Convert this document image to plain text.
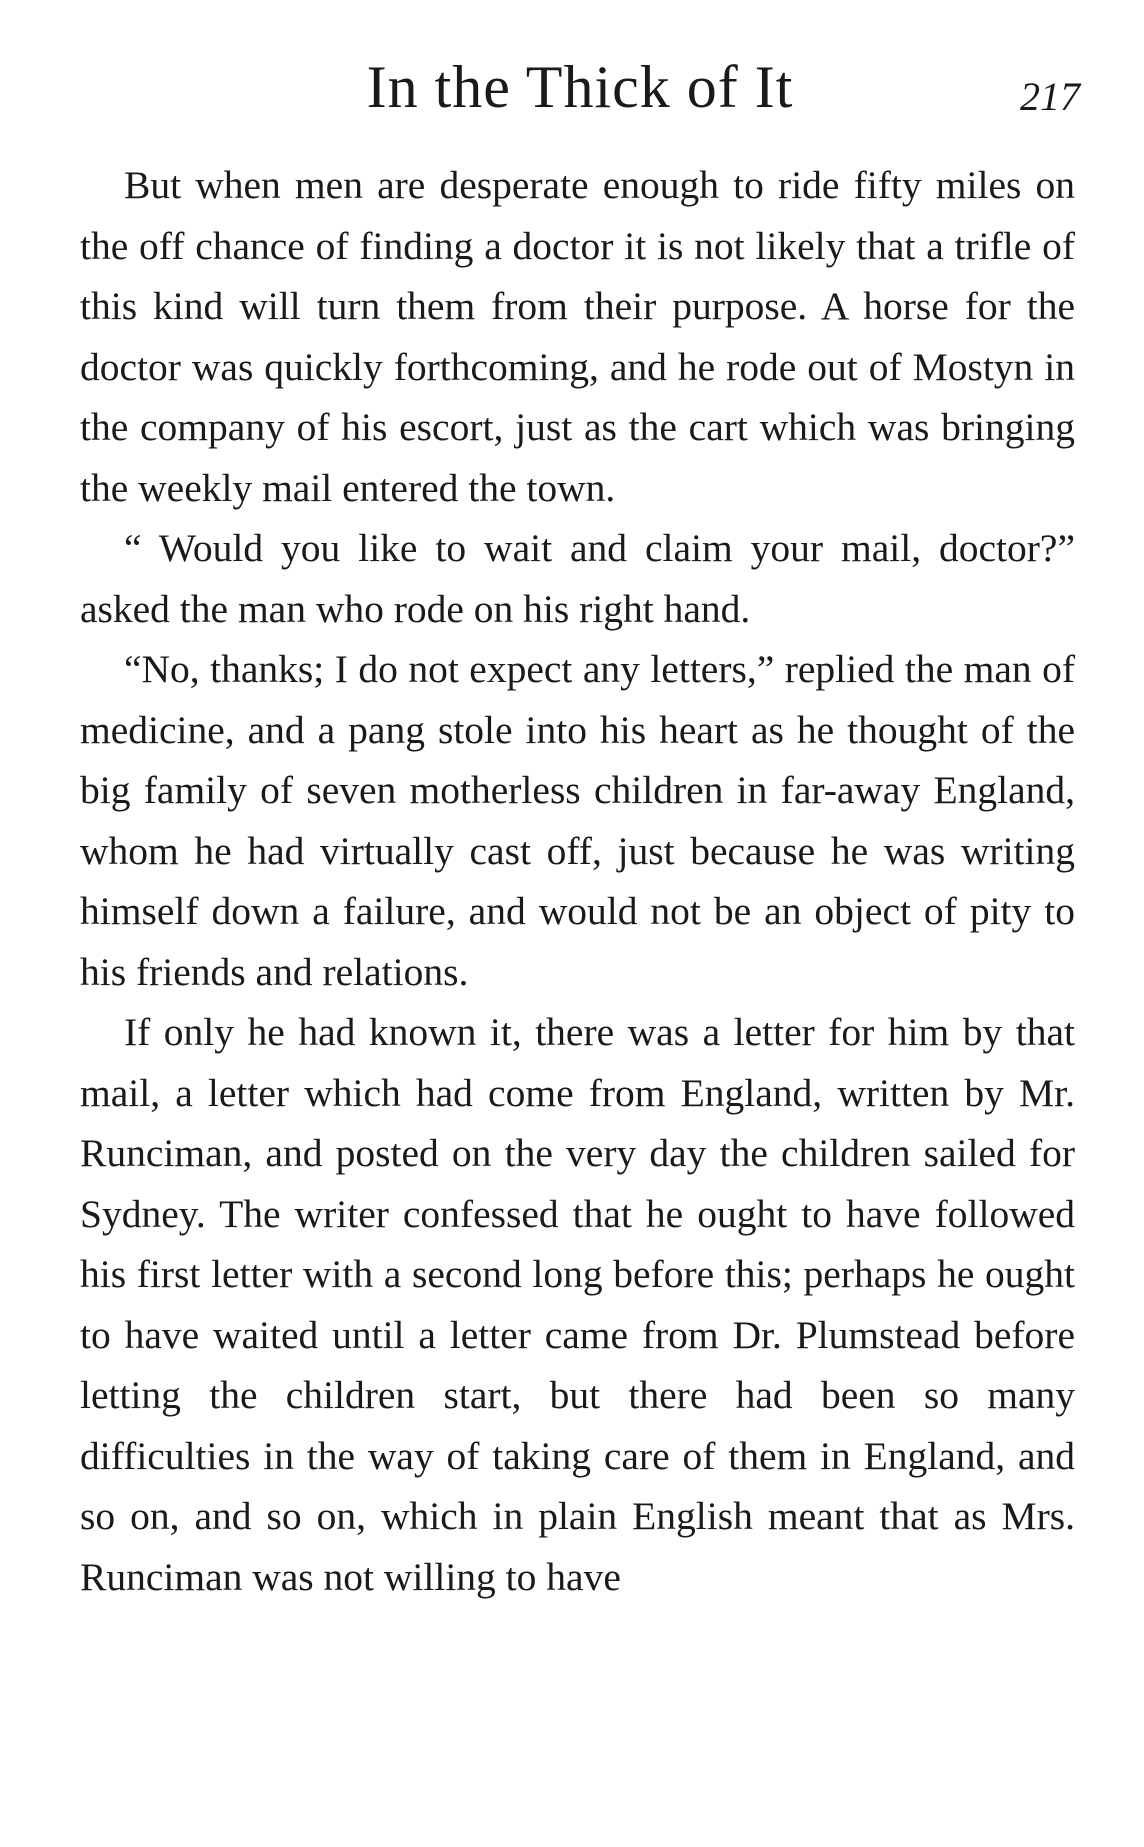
In the Thick of It	217

But when men are desperate enough to ride fifty miles on the off chance of finding a doctor it is not likely that a trifle of this kind will turn them from their purpose. A horse for the doctor was quickly forthcoming, and he rode out of Mostyn in the company of his escort, just as the cart which was bringing the weekly mail entered the town.

“ Would you like to wait and claim your mail, doctor?” asked the man who rode on his right hand.

“No, thanks; I do not expect any letters,” replied the man of medicine, and a pang stole into his heart as he thought of the big family of seven motherless children in far-away England, whom he had virtually cast off, just because he was writing himself down a failure, and would not be an object of pity to his friends and relations.

If only he had known it, there was a letter for him by that mail, a letter which had come from England, written by Mr. Runciman, and posted on the very day the children sailed for Sydney. The writer confessed that he ought to have followed his first letter with a second long before this; perhaps he ought to have waited until a letter came from Dr. Plumstead before letting the children start, but there had been so many difficulties in the way of taking care of them in England, and so on, and so on, which in plain English meant that as Mrs. Runciman was not willing to have
